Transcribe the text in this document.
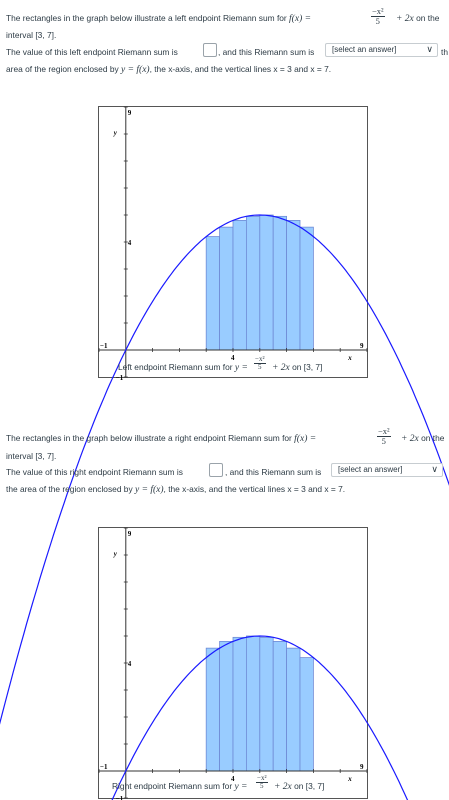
The rectangles in the graph below illustrate a left endpoint Riemann sum for f(x) =	$\frac{\text{−x²}}{5} + 2x$ on the
interval [3, 7].
The value of this left endpoint Riemann sum is	, and this Riemann sum is	[select an answer]	∨ th
area of the region enclosed by y = f(x), the x-axis, and the vertical lines x = 3 and x = 7.
9
y
4
−1
−1
4	x
9
Left endpoint Riemann sum for $y = \frac{\text{−x²}}{5} + 2x$ on [3, 7]
The rectangles in the graph below illustrate a right endpoint Riemann sum for f(x) =	$\frac{\text{−x²}}{5} + 2x$ on the
interval [3, 7].
The value of this right endpoint Riemann sum is	, and this Riemann sum is	[select an answer]	∨
the area of the region enclosed by y = f(x), the x-axis, and the vertical lines x = 3 and x = 7.
9
y
4
−1
−1
4	x
9
Right endpoint Riemann sum for $y = \frac{\text{−x²}}{5} + 2x$ on [3, 7]
